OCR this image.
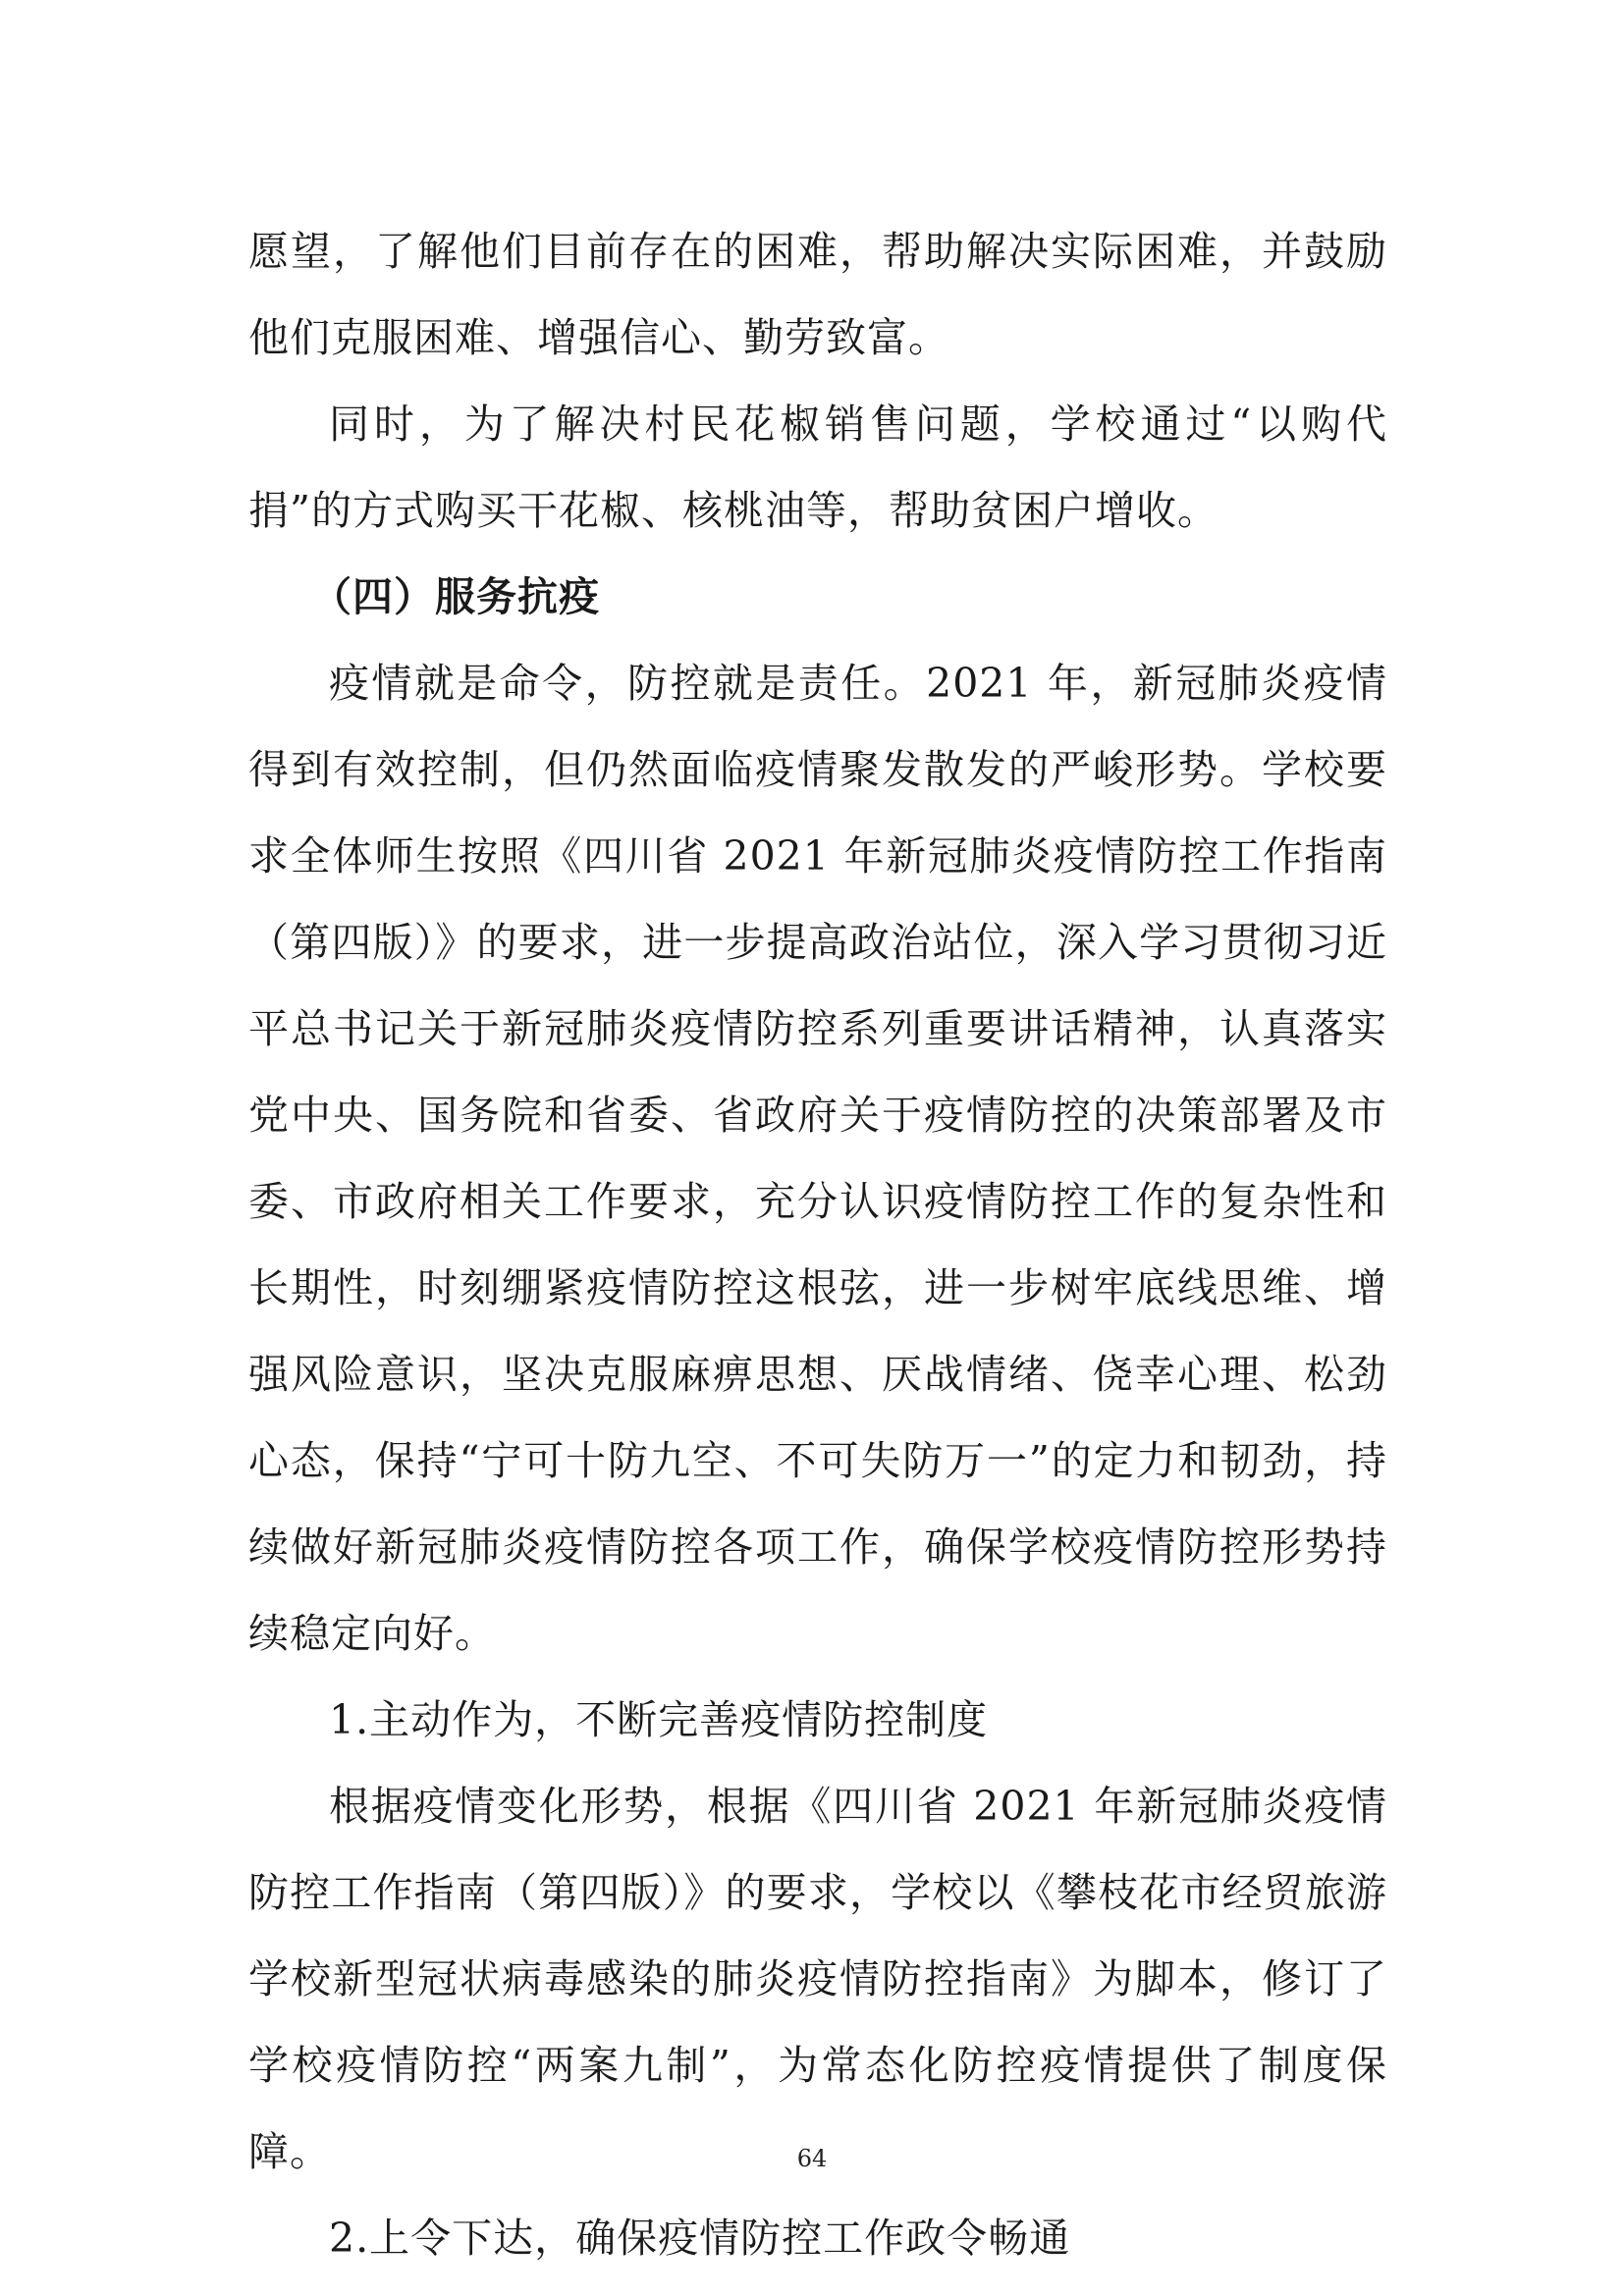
愿望，了解他们目前存在的困难，帮助解决实际困难，并鼓励他们克服困难、增强信心、勤劳致富。

同时，为了解决村民花椒销售问题，学校通过“以购代捐”的方式购买干花椒、核桃油等，帮助贫困户增收。

（四）服务抗疫

疫情就是命令，防控就是责任。2021 年，新冠肺炎疫情得到有效控制，但仍然面临疫情聚发散发的严峻形势。学校要求全体师生按照《四川省 2021 年新冠肺炎疫情防控工作指南（第四版）》的要求，进一步提高政治站位，深入学习贯彻习近平总书记关于新冠肺炎疫情防控系列重要讲话精神，认真落实党中央、国务院和省委、省政府关于疫情防控的决策部署及市委、市政府相关工作要求，充分认识疫情防控工作的复杂性和长期性，时刻绷紧疫情防控这根弦，进一步树牢底线思维、增强风险意识，坚决克服麻痹思想、厌战情绪、侥幸心理、松劲心态，保持“宁可十防九空、不可失防万一”的定力和韧劲，持续做好新冠肺炎疫情防控各项工作，确保学校疫情防控形势持续稳定向好。

1.主动作为，不断完善疫情防控制度

根据疫情变化形势，根据《四川省 2021 年新冠肺炎疫情防控工作指南（第四版）》的要求，学校以《攀枝花市经贸旅游学校新型冠状病毒感染的肺炎疫情防控指南》为脚本，修订了学校疫情防控“两案九制”，为常态化防控疫情提供了制度保障。

2.上令下达，确保疫情防控工作政令畅通

64
